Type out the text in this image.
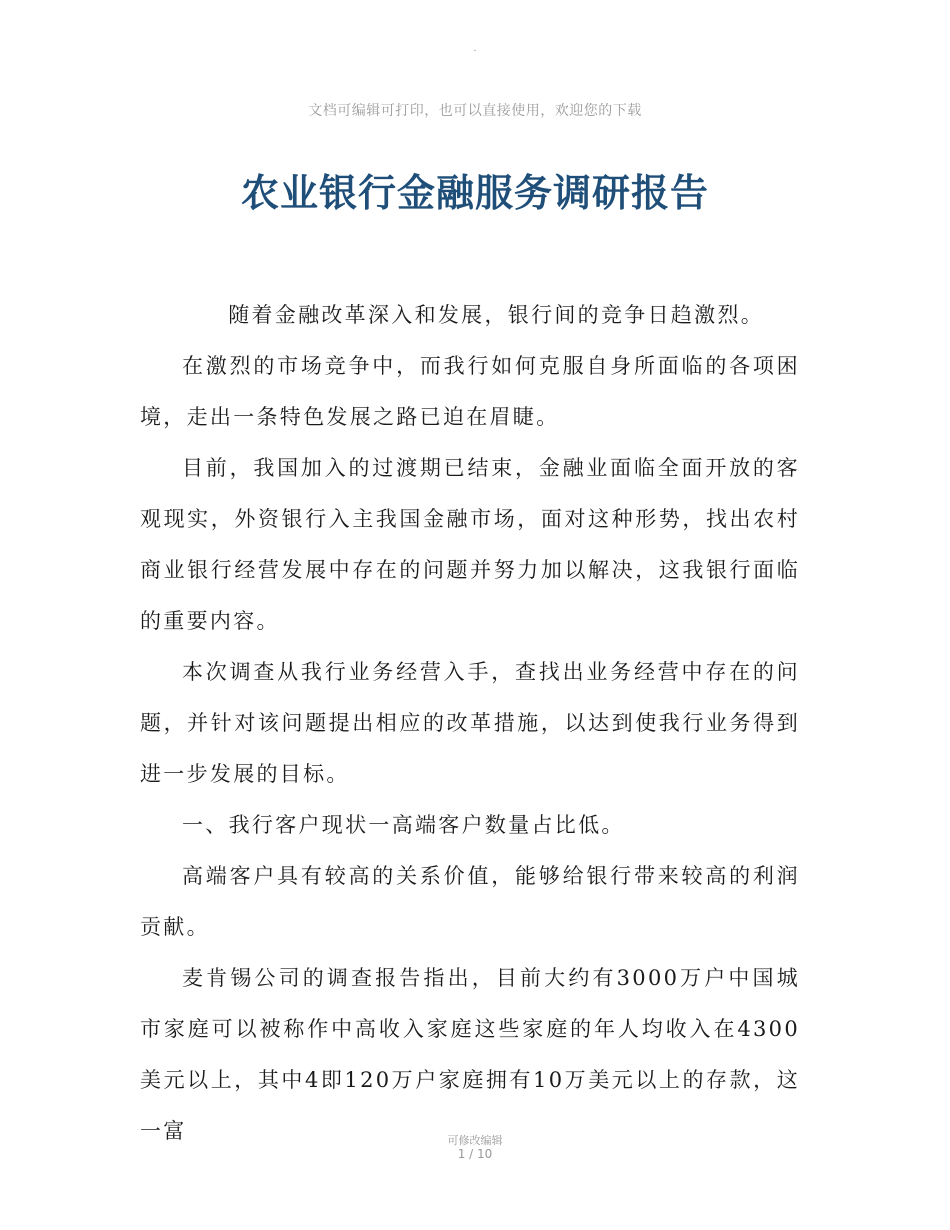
·
文档可编辑可打印，也可以直接使用，欢迎您的下载
农业银行金融服务调研报告

随着金融改革深入和发展，银行间的竞争日趋激烈。

在激烈的市场竞争中，而我行如何克服自身所面临的各项困境，走出一条特色发展之路已迫在眉睫。

目前，我国加入的过渡期已结束，金融业面临全面开放的客观现实，外资银行入主我国金融市场，面对这种形势，找出农村商业银行经营发展中存在的问题并努力加以解决，这我银行面临的重要内容。

本次调查从我行业务经营入手，查找出业务经营中存在的问题，并针对该问题提出相应的改革措施，以达到使我行业务得到进一步发展的目标。

一、我行客户现状一高端客户数量占比低。

高端客户具有较高的关系价值，能够给银行带来较高的利润贡献。

麦肯锡公司的调查报告指出，目前大约有3000万户中国城市家庭可以被称作中高收入家庭这些家庭的年人均收入在4300美元以上，其中4即120万户家庭拥有10万美元以上的存款，这一富	可修改编辑
1 / 10
